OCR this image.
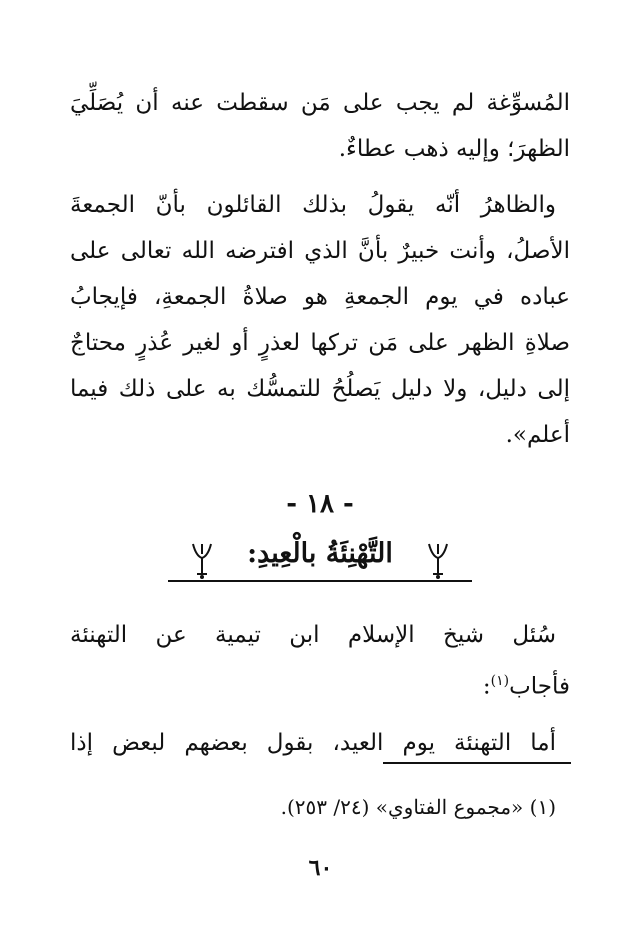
المُسوِّغة لم يجب على مَن سقطت عنه أن يُصَلِّيَ

الظهرَ؛ وإليه ذهب عطاءٌ.

والظاهرُ أنّه يقولُ بذلك القائلون بأنّ الجمعةَ

الأصلُ، وأنت خبيرٌ بأنَّ الذي افترضه الله تعالى على

عباده في يوم الجمعةِ هو صلاةُ الجمعةِ، فإيجابُ

صلاةِ الظهر على مَن تركها لعذرٍ أو لغير عُذرٍ محتاجٌ

إلى دليل، ولا دليل يَصلُحُ للتمسُّك به على ذلك فيما

أعلم».

- ١٨ -
التَّهْنِئَةُ بالْعِيدِ:

سُئل شيخ الإسلام ابن تيمية عن التهنئة

فأجاب$^{(١)}$:

أما التهنئة يوم العيد، بقول بعضهم لبعض إذا

(١) «مجموع الفتاوي» (٢٤/ ٢٥٣).
٦٠
